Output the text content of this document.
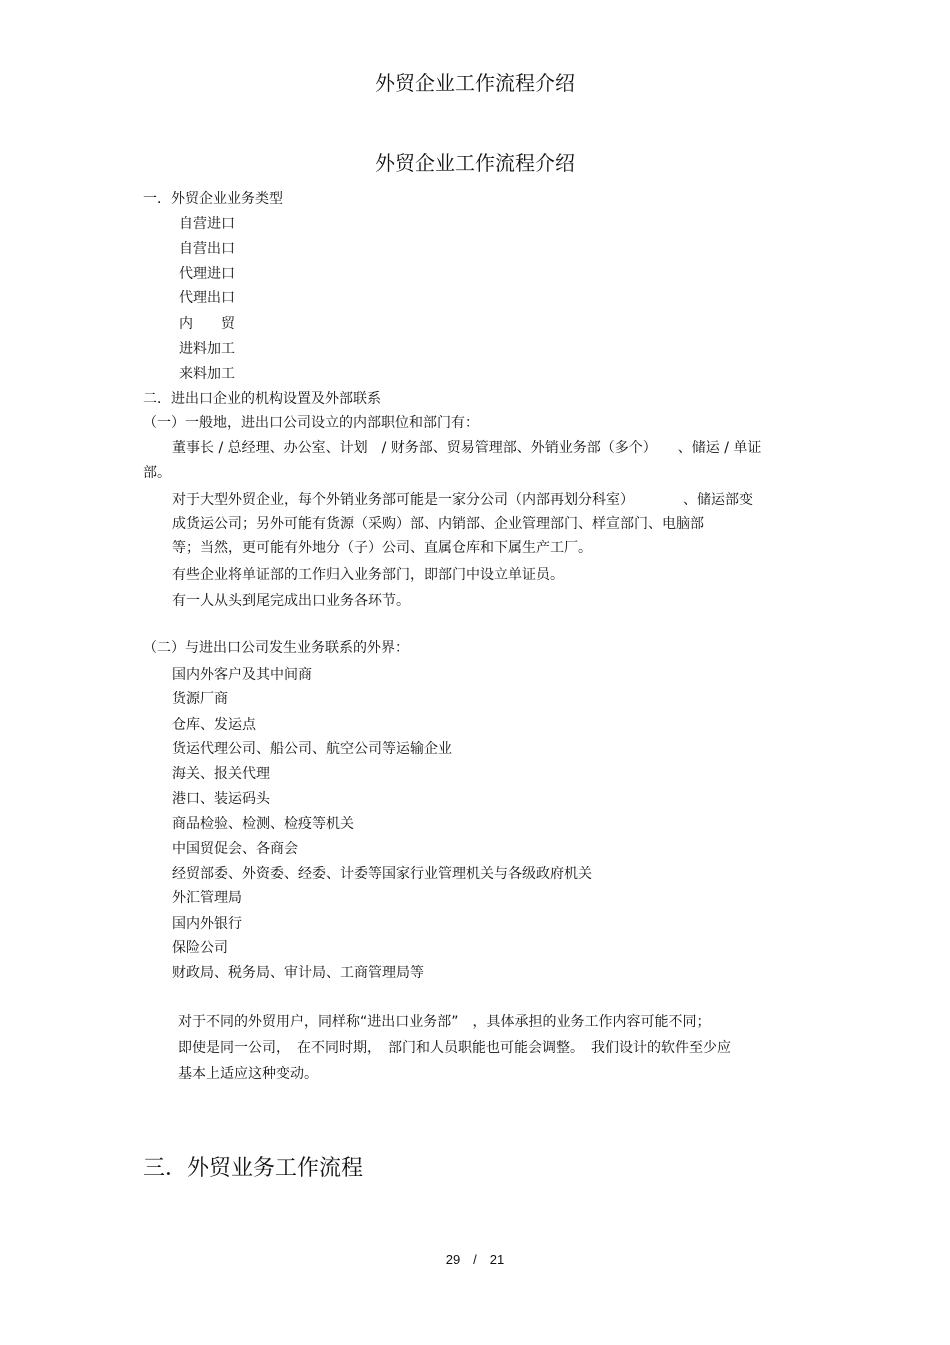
外贸企业工作流程介绍
外贸企业工作流程介绍
一．外贸企业业务类型
自营进口
自营出口
代理进口
代理出口
内　　贸
进料加工
来料加工
二．进出口企业的机构设置及外部联系
（一）一般地，进出口公司设立的内部职位和部门有：
董事长 / 总经理、办公室、计划　/ 财务部、贸易管理部、外销业务部（多个）　　、储运 / 单证
部。
对于大型外贸企业，每个外销业务部可能是一家分公司（内部再划分科室）　　　　、储运部变
成货运公司；另外可能有货源（采购）部、内销部、企业管理部门、样宣部门、电脑部
等；当然，更可能有外地分（子）公司、直属仓库和下属生产工厂。
有些企业将单证部的工作归入业务部门，即部门中设立单证员。
有一人从头到尾完成出口业务各环节。
（二）与进出口公司发生业务联系的外界：
国内外客户及其中间商
货源厂商
仓库、发运点
货运代理公司、船公司、航空公司等运输企业
海关、报关代理
港口、装运码头
商品检验、检测、检疫等机关
中国贸促会、各商会
经贸部委、外资委、经委、计委等国家行业管理机关与各级政府机关
外汇管理局
国内外银行
保险公司
财政局、税务局、审计局、工商管理局等
对于不同的外贸用户，同样称“进出口业务部”　，具体承担的业务工作内容可能不同；
即使是同一公司，　在不同时期，　部门和人员职能也可能会调整。　我们设计的软件至少应
基本上适应这种变动。
三．外贸业务工作流程
29　/　21
